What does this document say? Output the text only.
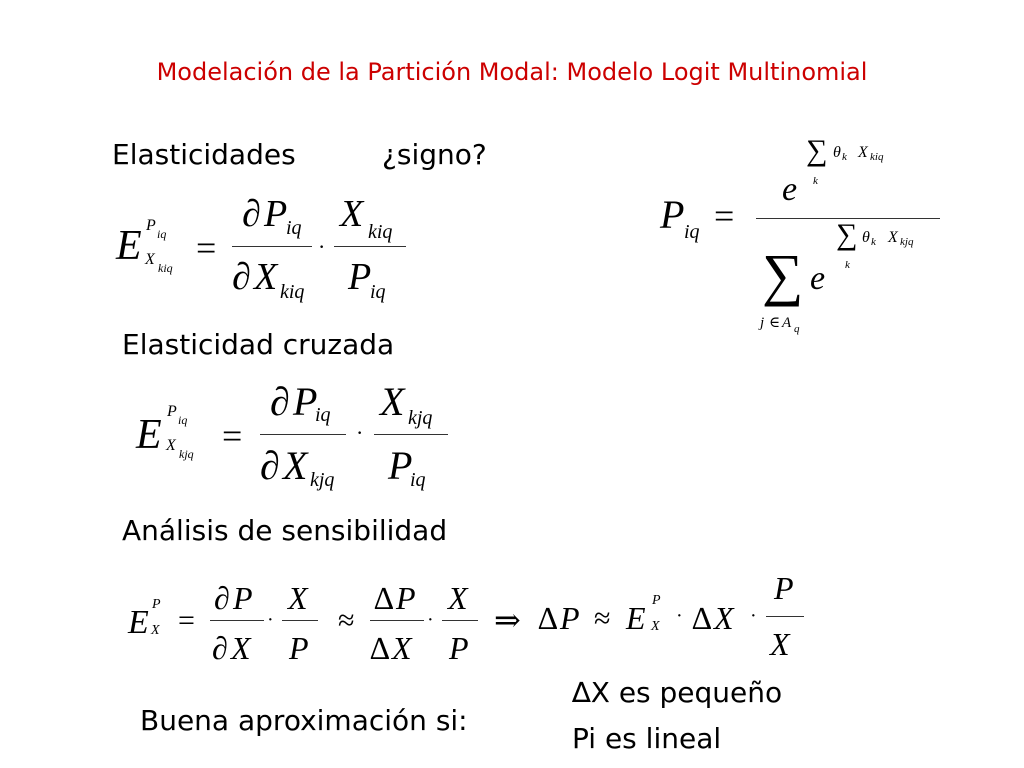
Modelación de la Partición Modal: Modelo Logit Multinomial
Elasticidades	¿signo?
E P iq
X kiq =
∂ P
iq
∂ X kiq
·
X kiq
P
iq
P iq =
∑ θ k X kiq
k
e
∑ θ k X kjq
k
∑ e
j ∈ A q
Elasticidad cruzada
E
P iq
X kjq =
∂ P
iq
∂ X kjq
·
X kjq
P
iq
Análisis de sensibilidad
E P
X =
∂ P
∂ X
·
X
P
≈
∆ P
∆ X
·
X
P
⇒ ∆ P ≈ E P
X · ∆ X ·
P
X
∆X es pequeño
Buena aproximación si:
Pi es lineal
